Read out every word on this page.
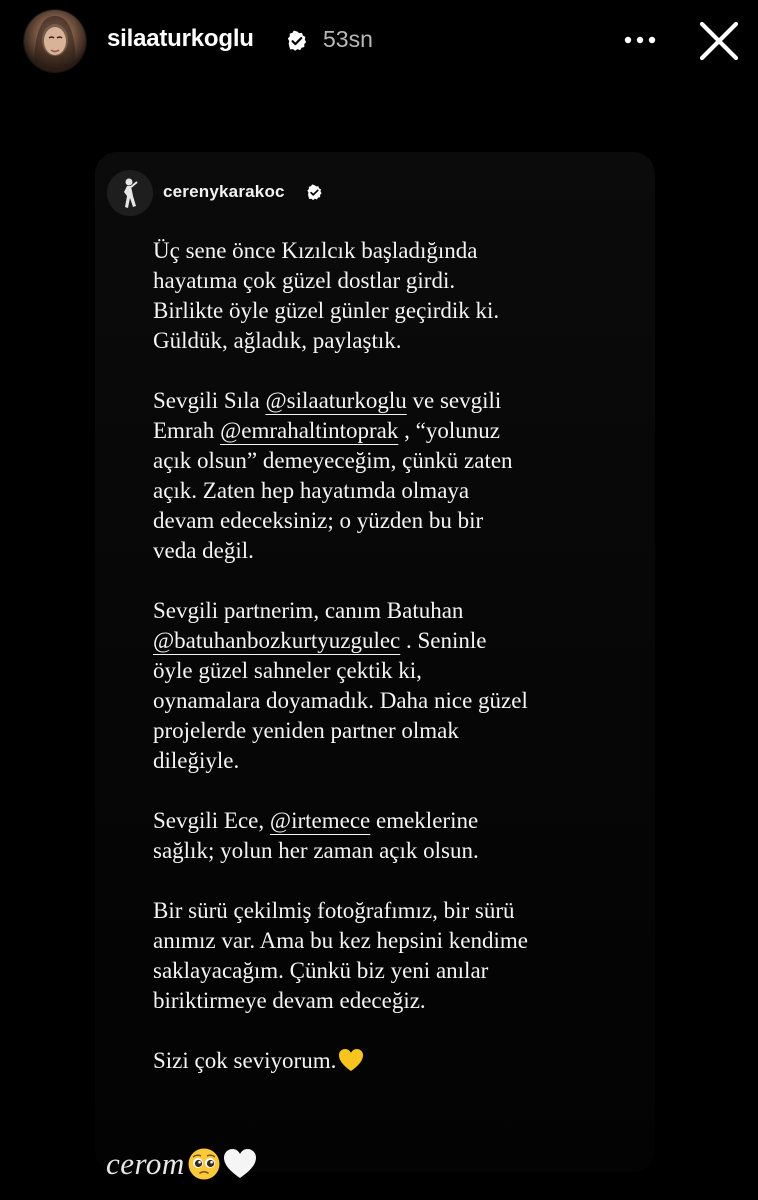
silaaturkoglu	53sn
cerenykarakoc
Üç sene önce Kızılcık başladığında
hayatıma çok güzel dostlar girdi.
Birlikte öyle güzel günler geçirdik ki.
Güldük, ağladık, paylaştık.
Sevgili Sıla @silaaturkoglu ve sevgili
Emrah @emrahaltintoprak , “yolunuz
açık olsun” demeyeceğim, çünkü zaten
açık. Zaten hep hayatımda olmaya
devam edeceksiniz; o yüzden bu bir
veda değil.
Sevgili partnerim, canım Batuhan
@batuhanbozkurtyuzgulec . Seninle
öyle güzel sahneler çektik ki,
oynamalara doyamadık. Daha nice güzel
projelerde yeniden partner olmak
dileğiyle.
Sevgili Ece, @irtemece emeklerine
sağlık; yolun her zaman açık olsun.
Bir sürü çekilmiş fotoğrafımız, bir sürü
anımız var. Ama bu kez hepsini kendime
saklayacağım. Çünkü biz yeni anılar
biriktirmeye devam edeceğiz.
Sizi çok seviyorum.
cerom
